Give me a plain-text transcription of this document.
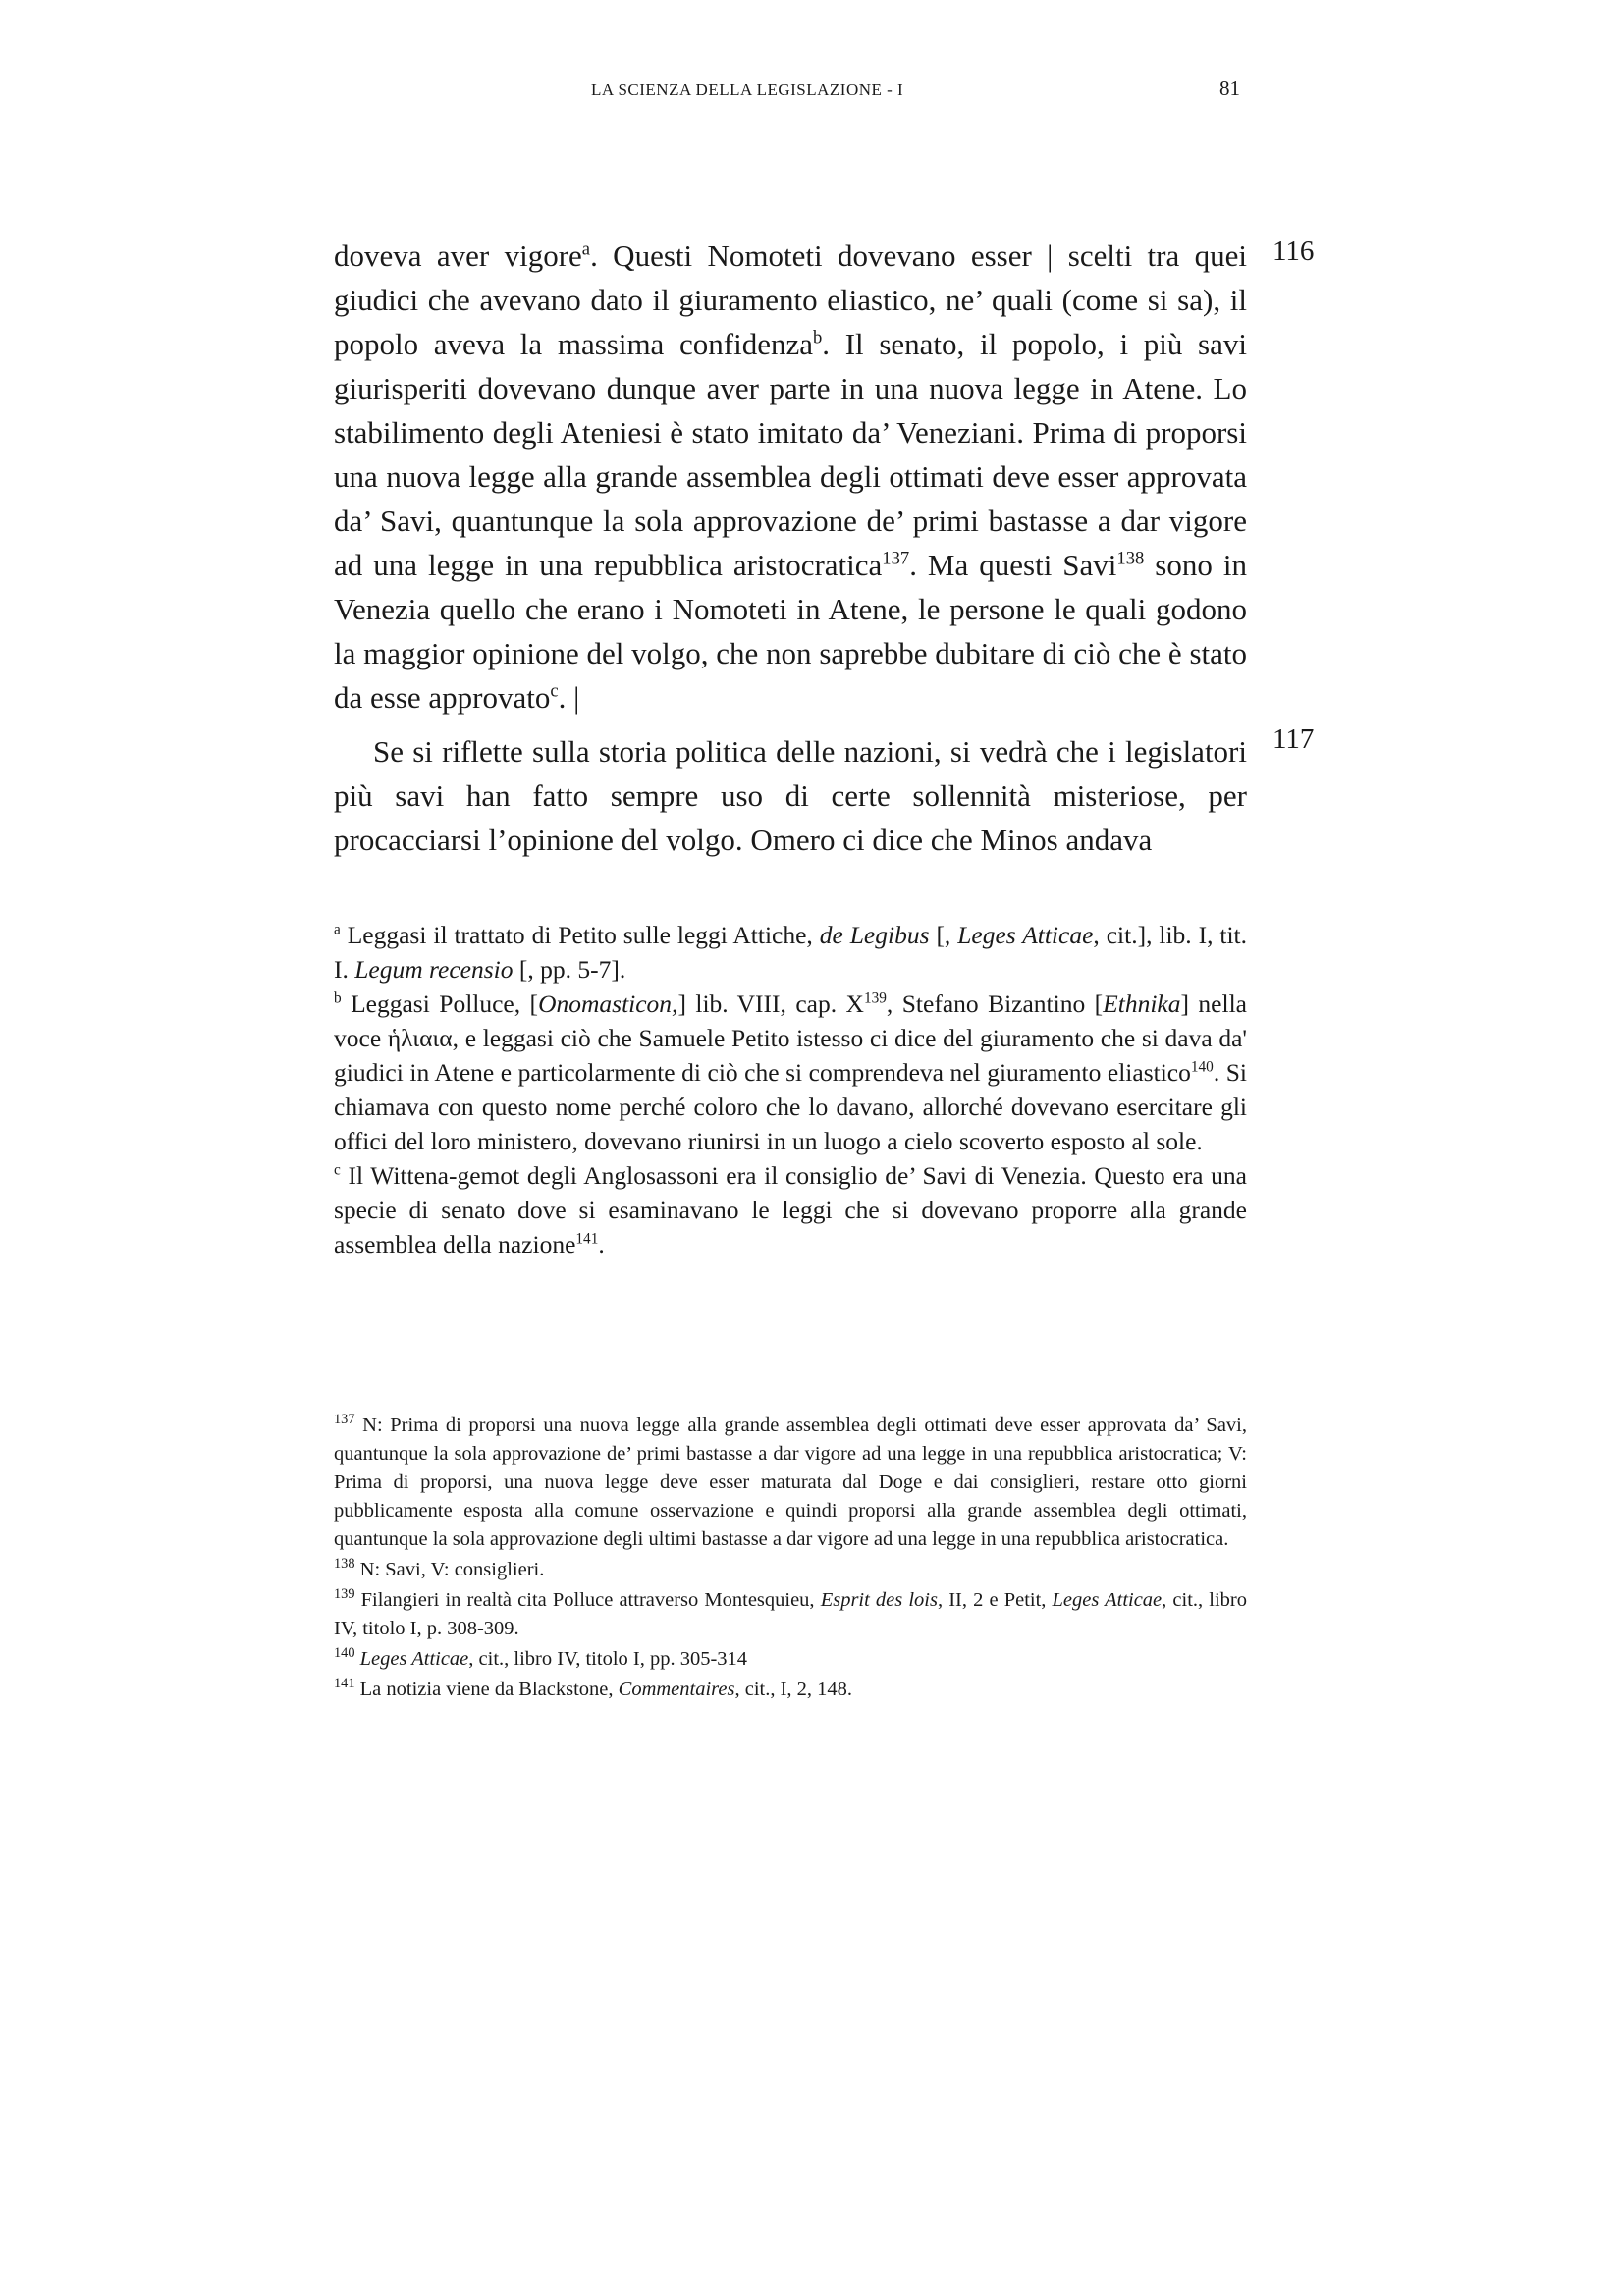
LA SCIENZA DELLA LEGISLAZIONE - I	81
116
117

doveva aver vigore$^a$. Questi Nomoteti dovevano esser | scelti tra quei giudici che avevano dato il giuramento eliastico, ne’ quali (come si sa), il popolo aveva la massima confidenza$^b$. Il senato, il popolo, i più savi giurisperiti dovevano dunque aver parte in una nuova legge in Atene. Lo stabilimento degli Ateniesi è stato imitato da’ Veneziani. Prima di proporsi una nuova legge alla grande assemblea degli ottimati deve esser approvata da’ Savi, quantunque la sola approvazione de’ primi bastasse a dar vigore ad una legge in una repubblica aristocratica$^{137}$. Ma questi Savi$^{138}$ sono in Venezia quello che erano i Nomoteti in Atene, le persone le quali godono la maggior opinione del volgo, che non saprebbe dubitare di ciò che è stato da esse approvato$^c$. |

Se si riflette sulla storia politica delle nazioni, si vedrà che i legislatori più savi han fatto sempre uso di certe sollennità misteriose, per procacciarsi l’opinione del volgo. Omero ci dice che Minos andava

$^a$ Leggasi il trattato di Petito sulle leggi Attiche, de Legibus [, Leges Atticae, cit.], lib. I, tit. I. Legum recensio [, pp. 5-7].

$^b$ Leggasi Polluce, [Onomasticon,] lib. VIII, cap. $X^{139}$, Stefano Bizantino [Ethnika] nella voce ἡλιαια, e leggasi ciò che Samuele Petito istesso ci dice del giuramento che si dava da' giudici in Atene e particolarmente di ciò che si comprendeva nel giuramento eliastico$^{140}$. Si chiamava con questo nome perché coloro che lo davano, allorché dovevano esercitare gli offici del loro ministero, dovevano riunirsi in un luogo a cielo scoverto esposto al sole.

$^c$ Il Wittena-gemot degli Anglosassoni era il consiglio de’ Savi di Venezia. Questo era una specie di senato dove si esaminavano le leggi che si dovevano proporre alla grande assemblea della nazione$^{141}$.

$^{137}$ N: Prima di proporsi una nuova legge alla grande assemblea degli ottimati deve esser approvata da’ Savi, quantunque la sola approvazione de’ primi bastasse a dar vigore ad una legge in una repubblica aristocratica; V: Prima di proporsi, una nuova legge deve esser maturata dal Doge e dai consiglieri, restare otto giorni pubblicamente esposta alla comune osservazione e quindi proporsi alla grande assemblea degli ottimati, quantunque la sola approvazione degli ultimi bastasse a dar vigore ad una legge in una repubblica aristocratica.

$^{138}$ N: Savi, V: consiglieri.

$^{139}$ Filangieri in realtà cita Polluce attraverso Montesquieu, Esprit des lois, II, 2 e Petit, Leges Atticae, cit., libro IV, titolo I, p. 308-309.

$^{140}$ Leges Atticae, cit., libro IV, titolo I, pp. 305-314

$^{141}$ La notizia viene da Blackstone, Commentaires, cit., I, 2, 148.
